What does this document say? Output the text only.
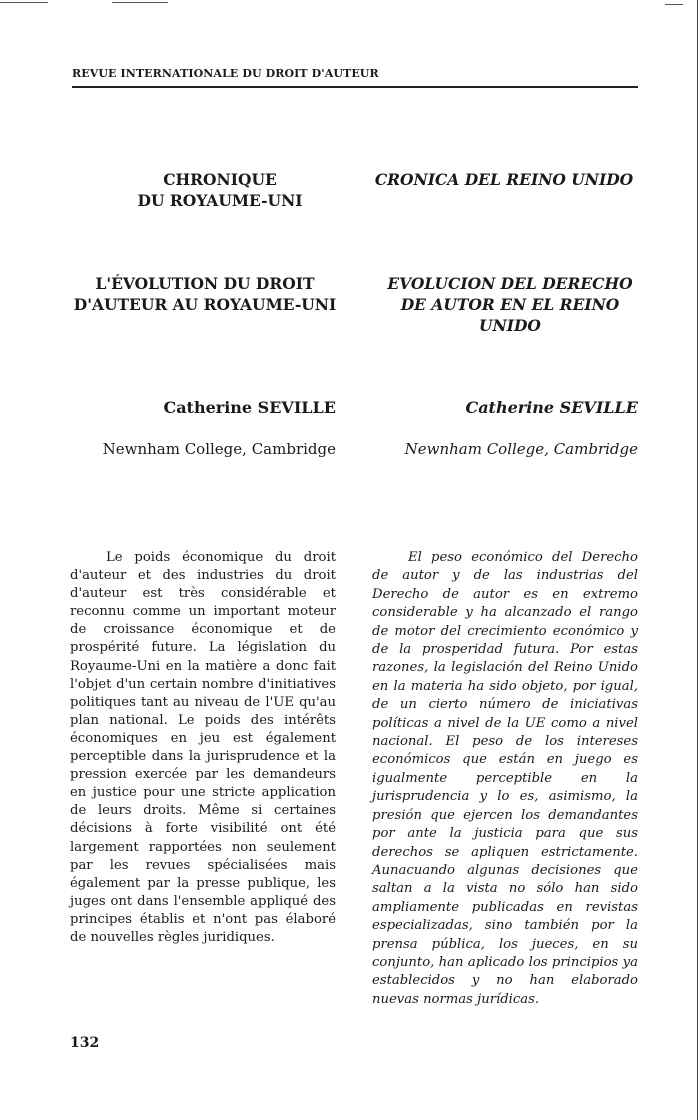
REVUE INTERNATIONALE DU DROIT D'AUTEUR
CHRONIQUE
DU ROYAUME-UNI
CRONICA DEL REINO UNIDO
L'ÉVOLUTION DU DROIT
D'AUTEUR AU ROYAUME-UNI
EVOLUCION DEL DERECHO
DE AUTOR EN EL REINO
UNIDO
Catherine SEVILLE	Catherine SEVILLE
Newnham College, Cambridge	Newnham College, Cambridge
Le poids économique du droit d'auteur et des industries du droit d'auteur est très considérable et reconnu comme un important moteur de croissance économique et de prospérité future. La législation du Royaume-Uni en la matière a donc fait l'objet d'un certain nombre d'initiatives politiques tant au niveau de l'UE qu'au plan national. Le poids des intérêts économiques en jeu est également perceptible dans la jurisprudence et la pression exercée par les demandeurs en justice pour une stricte application de leurs droits. Même si certaines décisions à forte visibilité ont été largement rapportées non seulement par les revues spécialisées mais également par la presse publique, les juges ont dans l'ensemble appliqué des principes établis et n'ont pas élaboré de nouvelles règles juridiques.
El peso económico del Derecho de autor y de las industrias del Derecho de autor es en extremo considerable y ha alcanzado el rango de motor del crecimiento económico y de la prosperidad futura. Por estas razones, la legislación del Reino Unido en la materia ha sido objeto, por igual, de un cierto número de iniciativas políticas a nivel de la UE como a nivel nacional. El peso de los intereses económicos que están en juego es igualmente perceptible en la jurisprudencia y lo es, asimismo, la presión que ejercen los demandantes por ante la justicia para que sus derechos se apliquen estrictamente. Aunacuando algunas decisiones que saltan a la vista no sólo han sido ampliamente publicadas en revistas especializadas, sino también por la prensa pública, los jueces, en su conjunto, han aplicado los principios ya establecidos y no han elaborado nuevas normas jurídicas.
132
